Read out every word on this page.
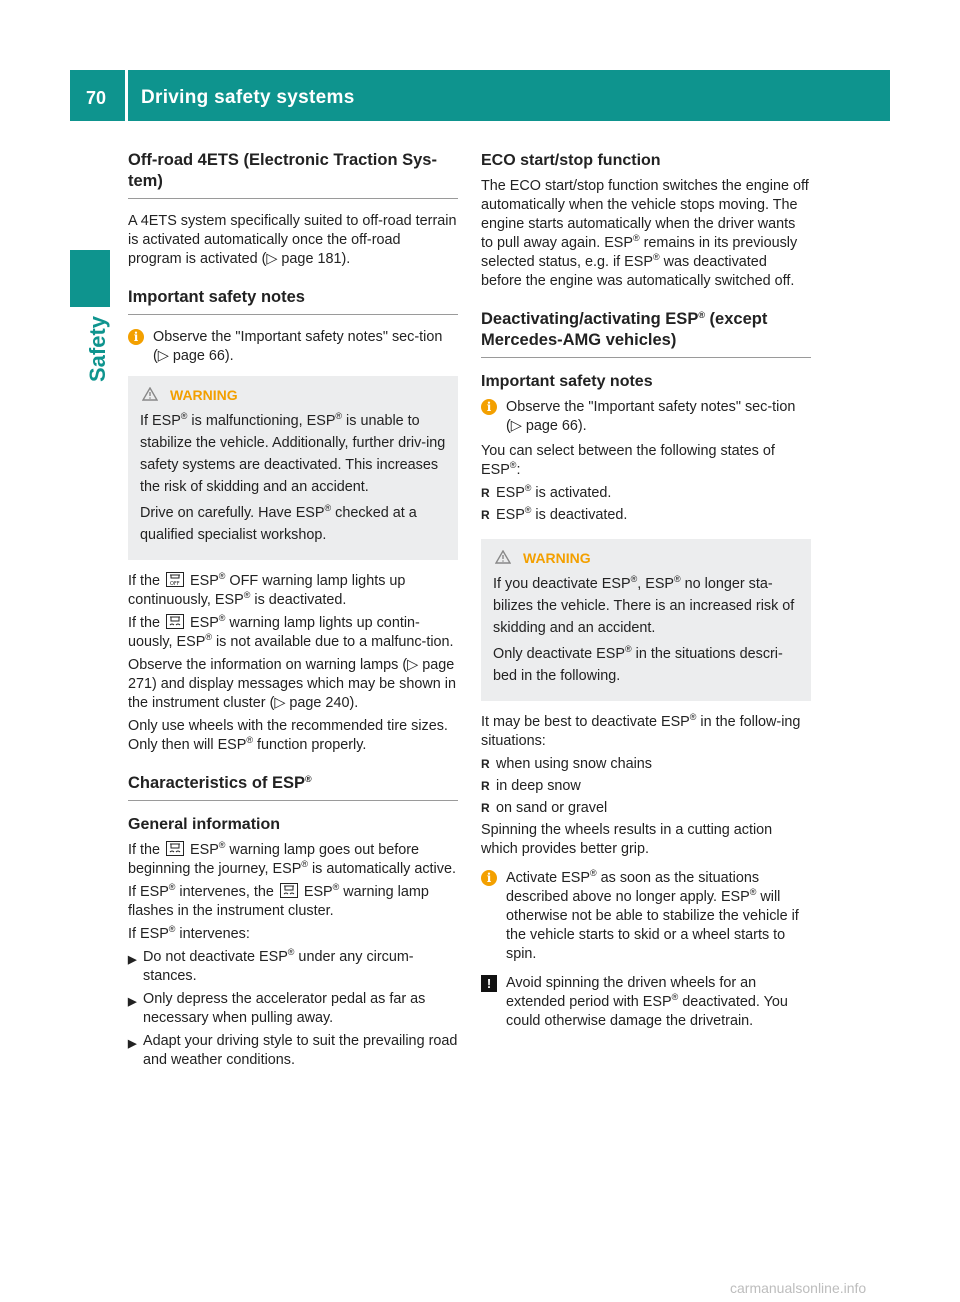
70 Driving safety systems
Safety
Off-road 4ETS (Electronic Traction Sys-tem)

A 4ETS system specifically suited to off-road terrain is activated automatically once the off-road program is activated (▷ page 181).

Important safety notes
i	Observe the "Important safety notes" sec-tion (▷ page 66).
WARNING

If ESP® is malfunctioning, ESP® is unable to stabilize the vehicle. Additionally, further driv-ing safety systems are deactivated. This increases the risk of skidding and an accident.

Drive on carefully. Have ESP® checked at a qualified specialist workshop.

If the OFF ESP® OFF warning lamp lights up continuously, ESP® is deactivated.

If the ESP® warning lamp lights up contin-uously, ESP® is not available due to a malfunc-tion.

Observe the information on warning lamps (▷ page 271) and display messages which may be shown in the instrument cluster (▷ page 240).

Only use wheels with the recommended tire sizes. Only then will ESP® function properly.

Characteristics of ESP®
General information

If the ESP® warning lamp goes out before beginning the journey, ESP® is automatically active.

If ESP® intervenes, the ESP® warning lamp flashes in the instrument cluster.

If ESP® intervenes:

▶ Do not deactivate ESP® under any circum-stances.
▶ Only depress the accelerator pedal as far as necessary when pulling away.
▶ Adapt your driving style to suit the prevailing road and weather conditions.
ECO start/stop function

The ECO start/stop function switches the engine off automatically when the vehicle stops moving. The engine starts automatically when the driver wants to pull away again. ESP® remains in its previously selected status, e.g. if ESP® was deactivated before the engine was automatically switched off.

Deactivating/activating ESP® (except Mercedes-AMG vehicles)
Important safety notes
i	Observe the "Important safety notes" sec-tion (▷ page 66).

You can select between the following states of ESP®:

R ESP® is activated.
R ESP® is deactivated.
WARNING

If you deactivate ESP®, ESP® no longer sta-bilizes the vehicle. There is an increased risk of skidding and an accident.

Only deactivate ESP® in the situations descri-bed in the following.

It may be best to deactivate ESP® in the follow-ing situations:

R when using snow chains
R in deep snow
R on sand or gravel

Spinning the wheels results in a cutting action which provides better grip.

i	Activate ESP® as soon as the situations described above no longer apply. ESP® will otherwise not be able to stabilize the vehicle if the vehicle starts to skid or a wheel starts to spin.
!	Avoid spinning the driven wheels for an extended period with ESP® deactivated. You could otherwise damage the drivetrain.
carmanualsonline.info
